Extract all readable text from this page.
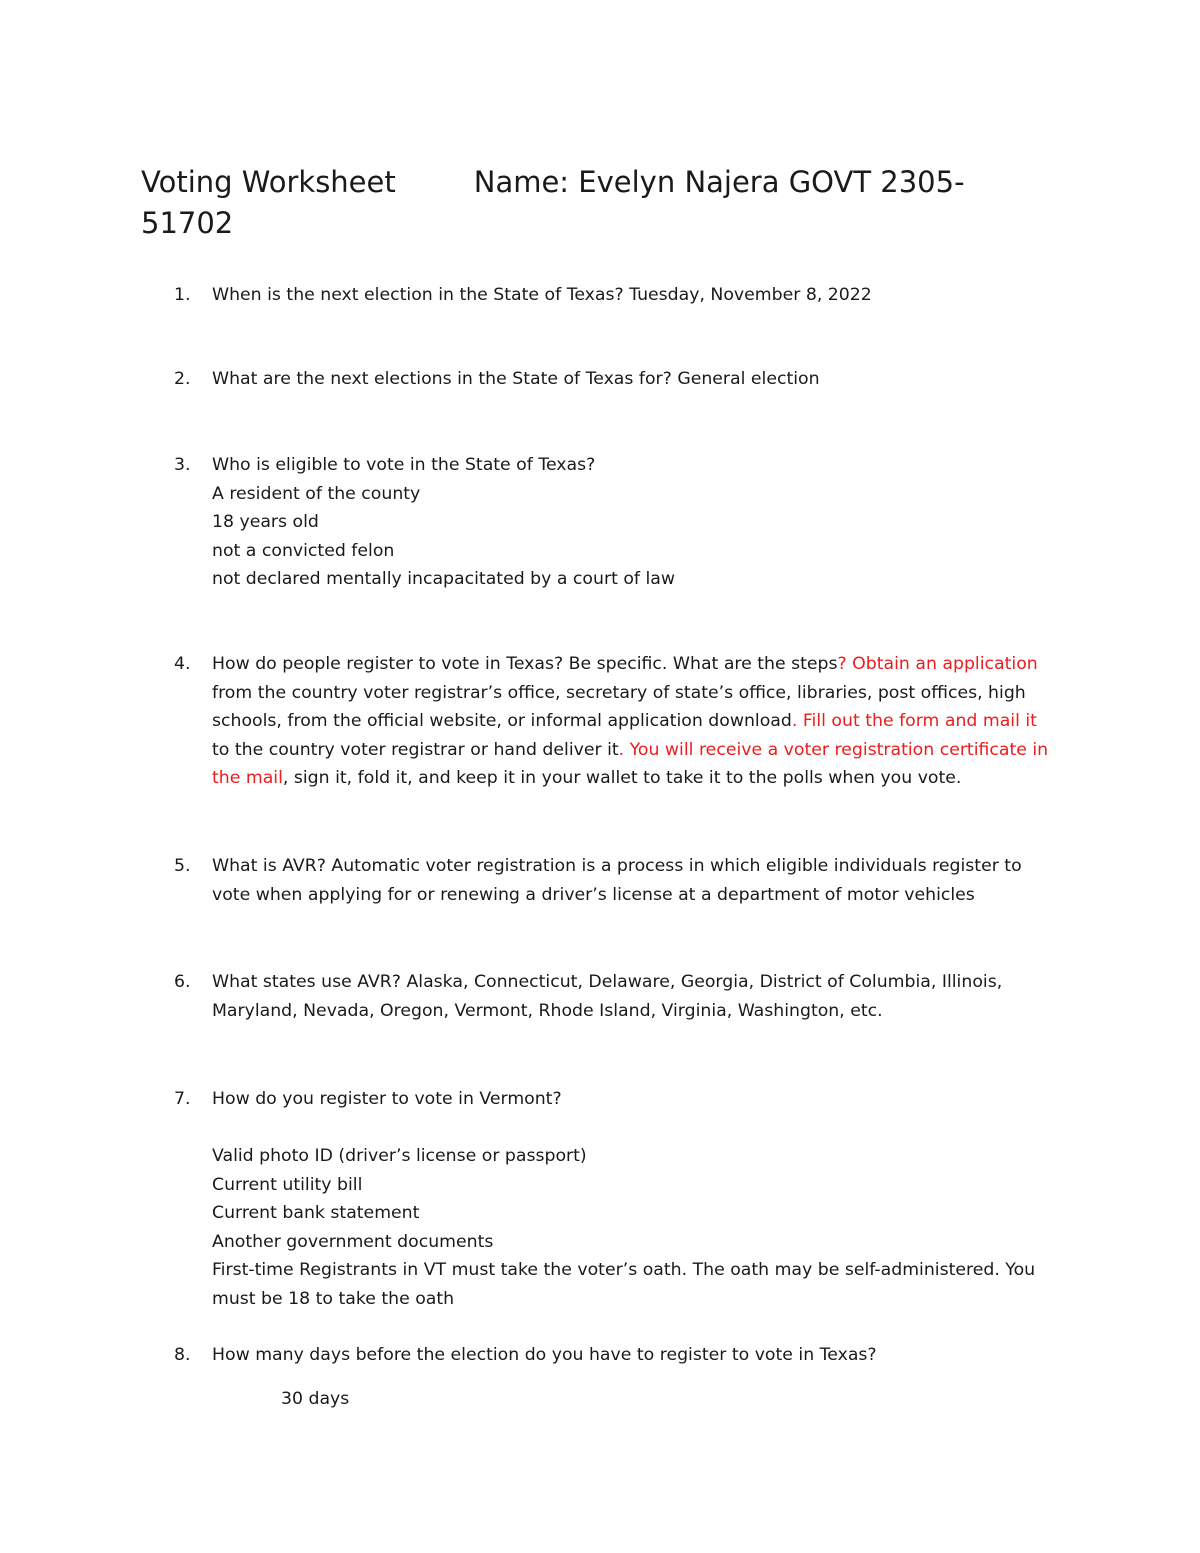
Voting Worksheet	Name: Evelyn Najera GOVT 2305-
51702
1.	When is the next election in the State of Texas? Tuesday, November 8, 2022
2.	What are the next elections in the State of Texas for? General election
3.	Who is eligible to vote in the State of Texas?
A resident of the county
18 years old
not a convicted felon
not declared mentally incapacitated by a court of law
4.	How do people register to vote in Texas? Be specific. What are the steps? Obtain an application
from the country voter registrar’s office, secretary of state’s office, libraries, post offices, high
schools, from the official website, or informal application download. Fill out the form and mail it
to the country voter registrar or hand deliver it. You will receive a voter registration certificate in
the mail, sign it, fold it, and keep it in your wallet to take it to the polls when you vote.
5.	What is AVR? Automatic voter registration is a process in which eligible individuals register to
vote when applying for or renewing a driver’s license at a department of motor vehicles
6.	What states use AVR? Alaska, Connecticut, Delaware, Georgia, District of Columbia, Illinois,
Maryland, Nevada, Oregon, Vermont, Rhode Island, Virginia, Washington, etc.
7.	How do you register to vote in Vermont?

Valid photo ID (driver’s license or passport)
Current utility bill
Current bank statement
Another government documents
First-time Registrants in VT must take the voter’s oath. The oath may be self-administered. You
must be 18 to take the oath
8.	How many days before the election do you have to register to vote in Texas?
30 days
